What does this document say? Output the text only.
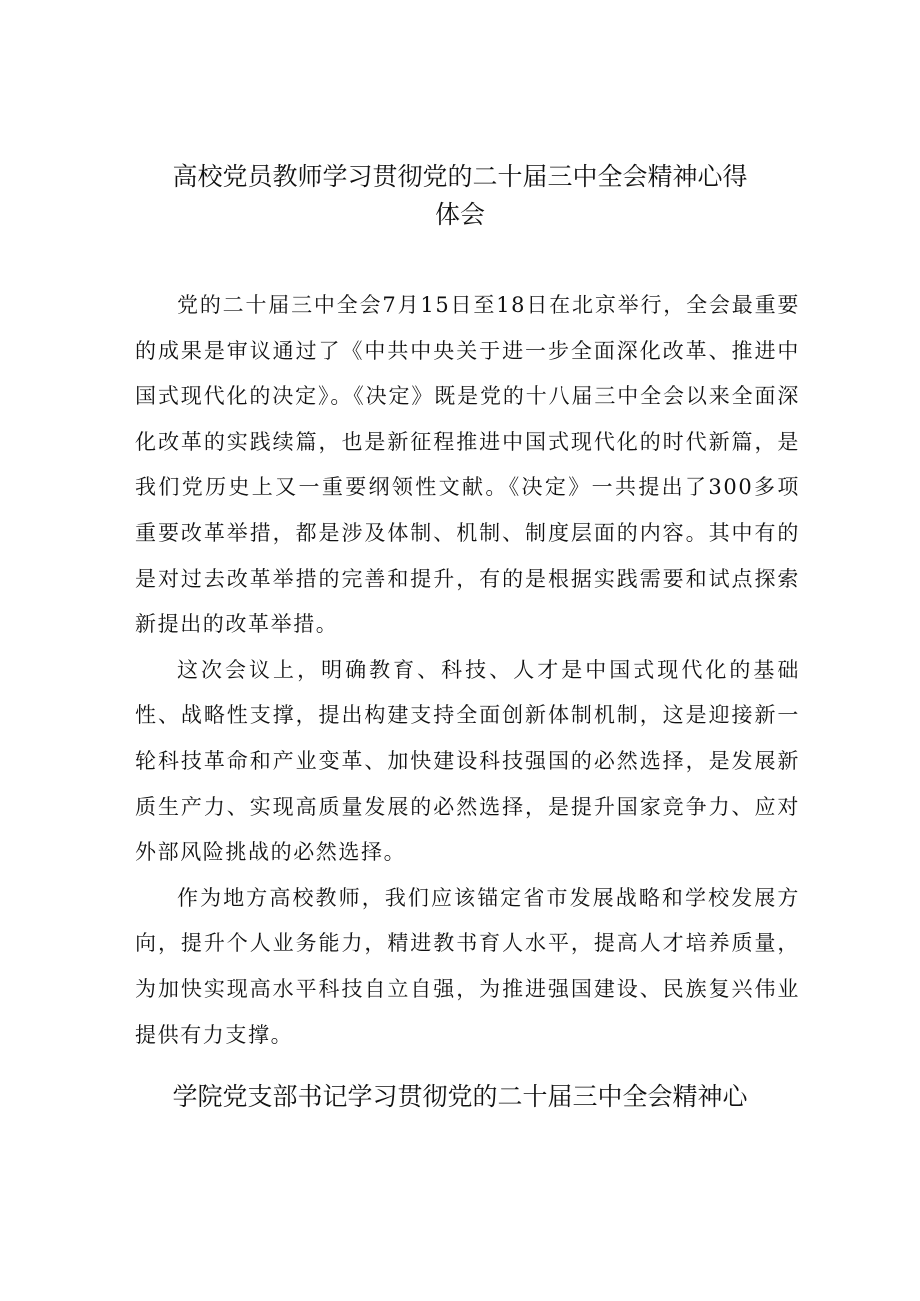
高校党员教师学习贯彻党的二十届三中全会精神心得
体会

党的二十届三中全会7月15日至18日在北京举行，全会最重要的成果是审议通过了《中共中央关于进一步全面深化改革、推进中国式现代化的决定》。《决定》既是党的十八届三中全会以来全面深化改革的实践续篇，也是新征程推进中国式现代化的时代新篇，是我们党历史上又一重要纲领性文献。《决定》一共提出了300多项重要改革举措，都是涉及体制、机制、制度层面的内容。其中有的是对过去改革举措的完善和提升，有的是根据实践需要和试点探索新提出的改革举措。

这次会议上，明确教育、科技、人才是中国式现代化的基础性、战略性支撑，提出构建支持全面创新体制机制，这是迎接新一轮科技革命和产业变革、加快建设科技强国的必然选择，是发展新质生产力、实现高质量发展的必然选择，是提升国家竞争力、应对外部风险挑战的必然选择。

作为地方高校教师，我们应该锚定省市发展战略和学校发展方向，提升个人业务能力，精进教书育人水平，提高人才培养质量，为加快实现高水平科技自立自强，为推进强国建设、民族复兴伟业提供有力支撑。

学院党支部书记学习贯彻党的二十届三中全会精神心
